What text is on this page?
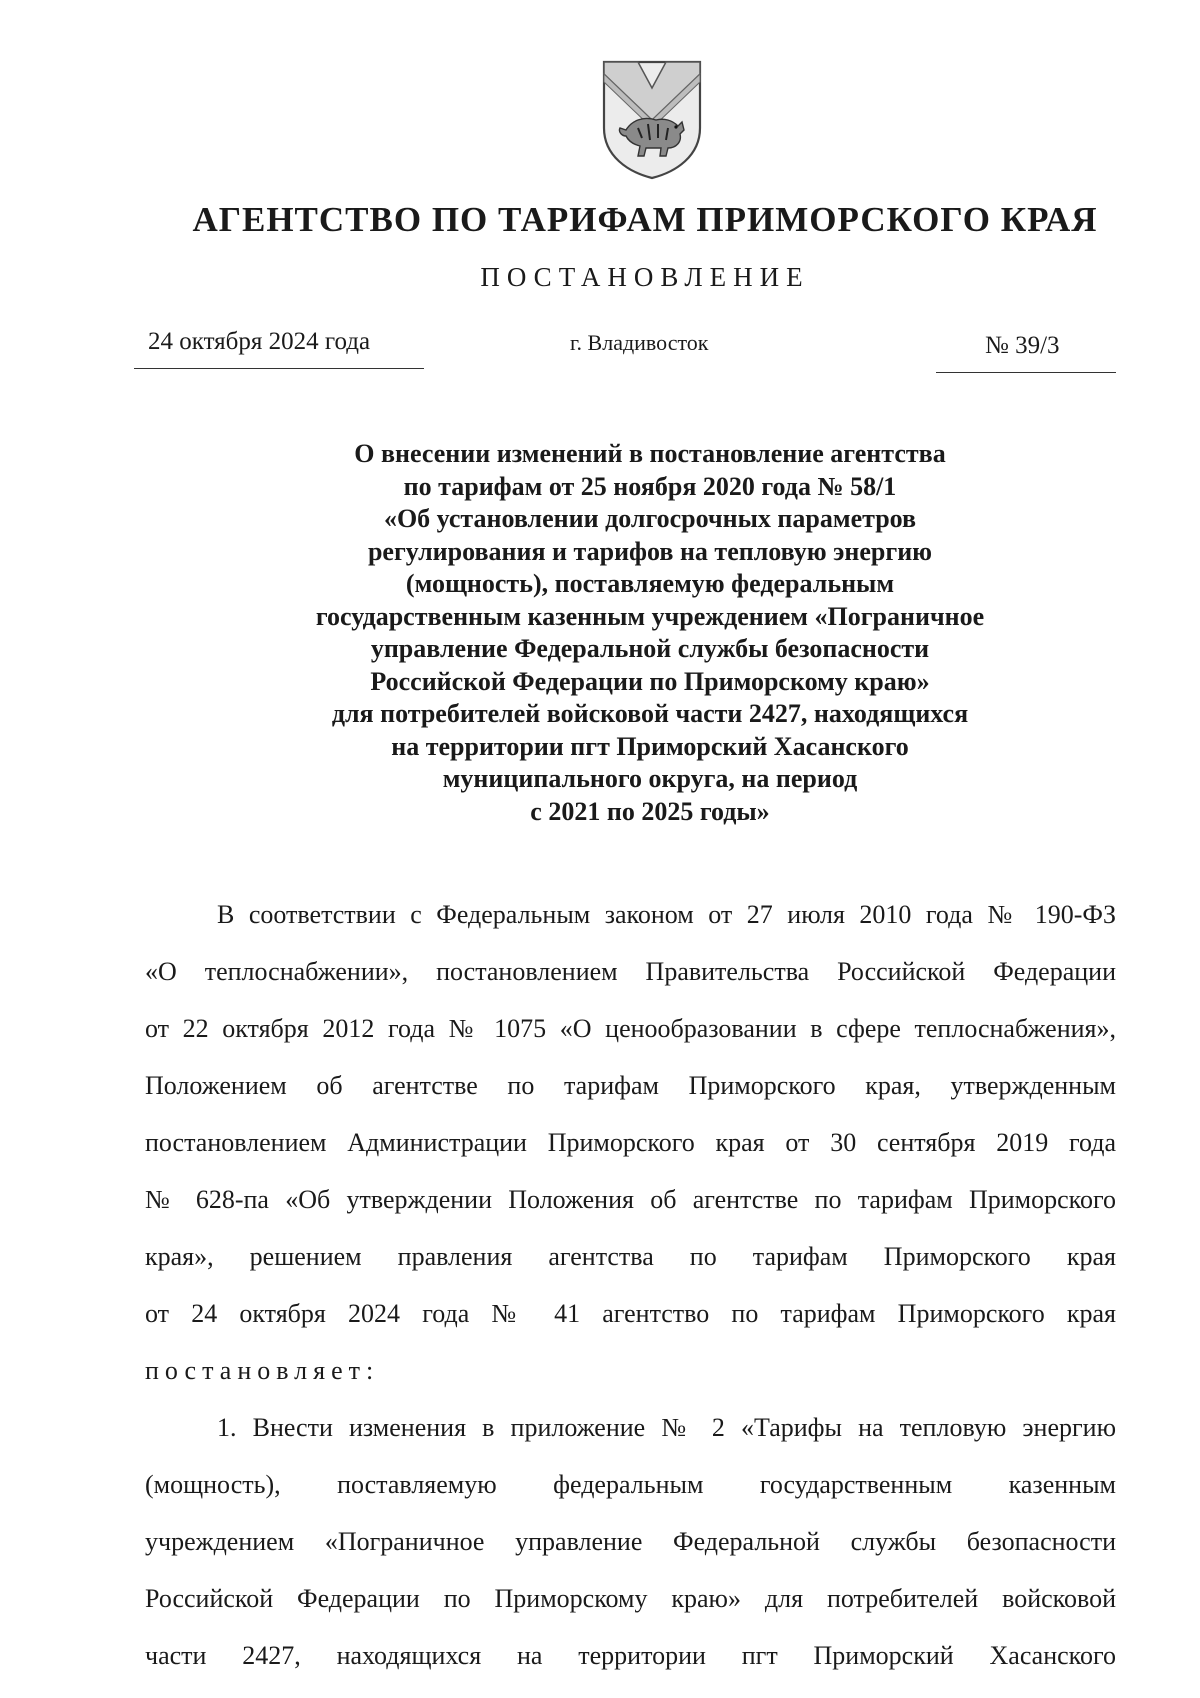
АГЕНТСТВО ПО ТАРИФАМ ПРИМОРСКОГО КРАЯ
ПОСТАНОВЛЕНИЕ
24 октября 2024 года	г. Владивосток	№ 39/3
О внесении изменений в постановление агентства
по тарифам от 25 ноября 2020 года № 58/1
«Об установлении долгосрочных параметров
регулирования и тарифов на тепловую энергию
(мощность), поставляемую федеральным
государственным казенным учреждением «Пограничное
управление Федеральной службы безопасности
Российской Федерации по Приморскому краю»
для потребителей войсковой части 2427, находящихся
на территории пгт Приморский Хасанского
муниципального округа, на период
с 2021 по 2025 годы»
В соответствии с Федеральным законом от 27 июля 2010 года № 190-ФЗ
«О теплоснабжении», постановлением Правительства Российской Федерации
от 22 октября 2012 года № 1075 «О ценообразовании в сфере теплоснабжения»,
Положением об агентстве по тарифам Приморского края, утвержденным
постановлением Администрации Приморского края от 30 сентября 2019 года
№ 628-па «Об утверждении Положения об агентстве по тарифам Приморского
края», решением правления агентства по тарифам Приморского края
от 24 октября 2024 года № 41 агентство по тарифам Приморского края
постановляет:
1. Внести изменения в приложение № 2 «Тарифы на тепловую энергию
(мощность), поставляемую федеральным государственным казенным
учреждением «Пограничное управление Федеральной службы безопасности
Российской Федерации по Приморскому краю» для потребителей войсковой
части 2427, находящихся на территории пгт Приморский Хасанского
